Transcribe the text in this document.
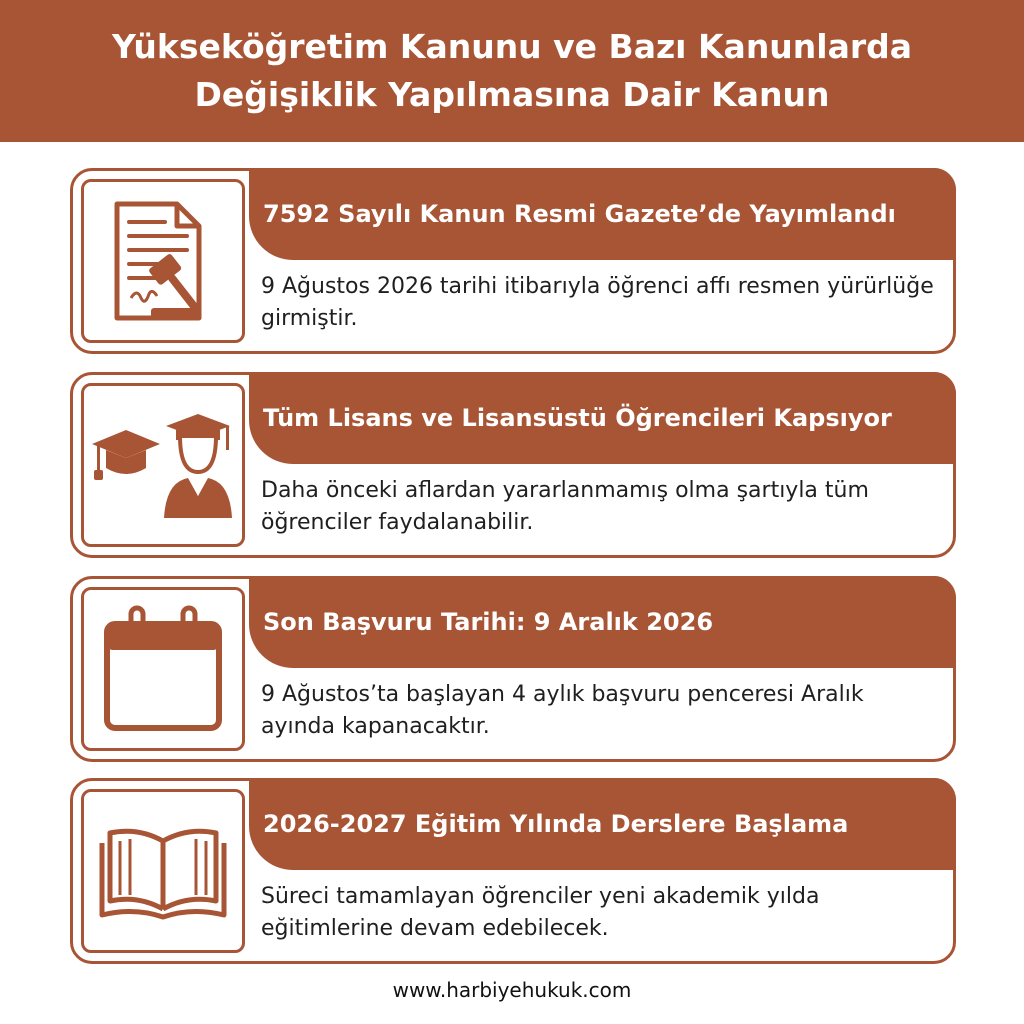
Yükseköğretim Kanunu ve Bazı Kanunlarda Değişiklik Yapılmasına Dair Kanun
7592 Sayılı Kanun Resmi Gazete’de Yayımlandı
9 Ağustos 2026 tarihi itibarıyla öğrenci affı resmen yürürlüğe girmiştir.
Tüm Lisans ve Lisansüstü Öğrencileri Kapsıyor
Daha önceki aflardan yararlanmamış olma şartıyla tüm öğrenciler faydalanabilir.
Son Başvuru Tarihi: 9 Aralık 2026
9 Ağustos’ta başlayan 4 aylık başvuru penceresi Aralık ayında kapanacaktır.
2026-2027 Eğitim Yılında Derslere Başlama
Süreci tamamlayan öğrenciler yeni akademik yılda eğitimlerine devam edebilecek.
www.harbiyehukuk.com
